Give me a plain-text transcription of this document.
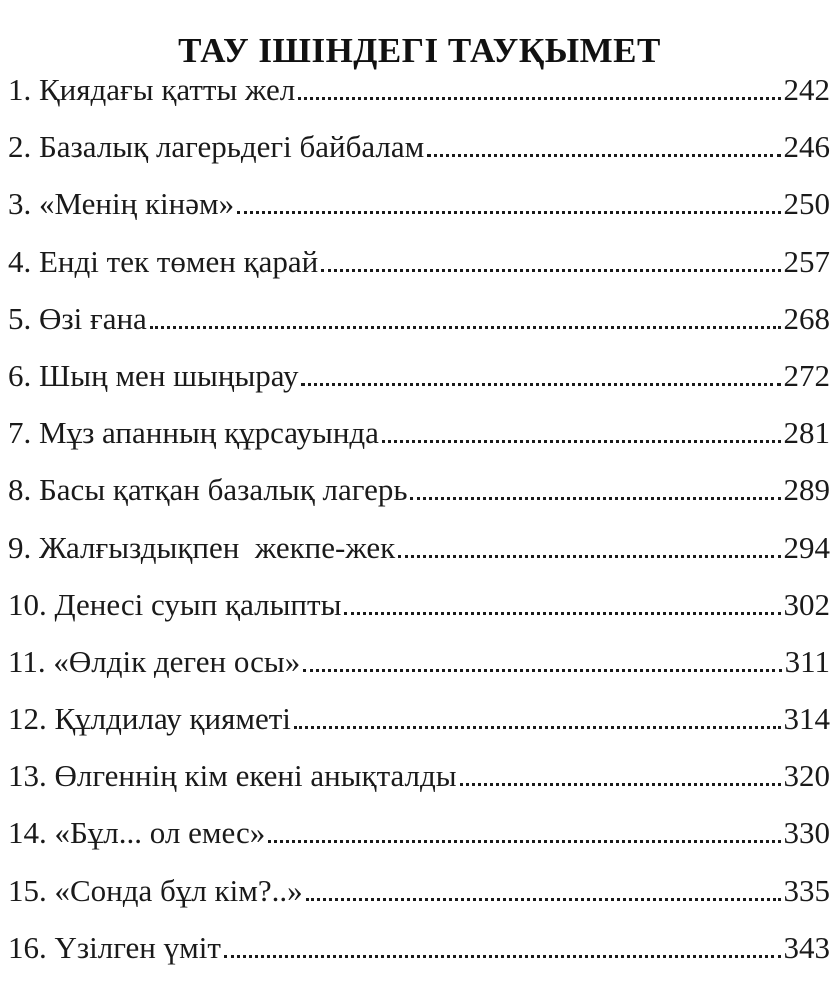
ТАУ ІШІНДЕГІ ТАУҚЫМЕТ
1. Қиядағы қатты жел	242
2. Базалық лагерьдегі байбалам	246
3. «Менің кінәм»	250
4. Енді тек төмен қарай	257
5. Өзі ғана	268
6. Шың мен шыңырау	272
7. Мұз апанның құрсауында	281
8. Басы қатқан базалық лагерь	289
9. Жалғыздықпен  жекпе-жек	294
10. Денесі суып қалыпты	302
11. «Өлдік деген осы»	311
12. Құлдилау қияметі	314
13. Өлгеннің кім екені анықталды	320
14. «Бұл... ол емес»	330
15. «Сонда бұл кім?..»	335
16. Үзілген үміт	343
